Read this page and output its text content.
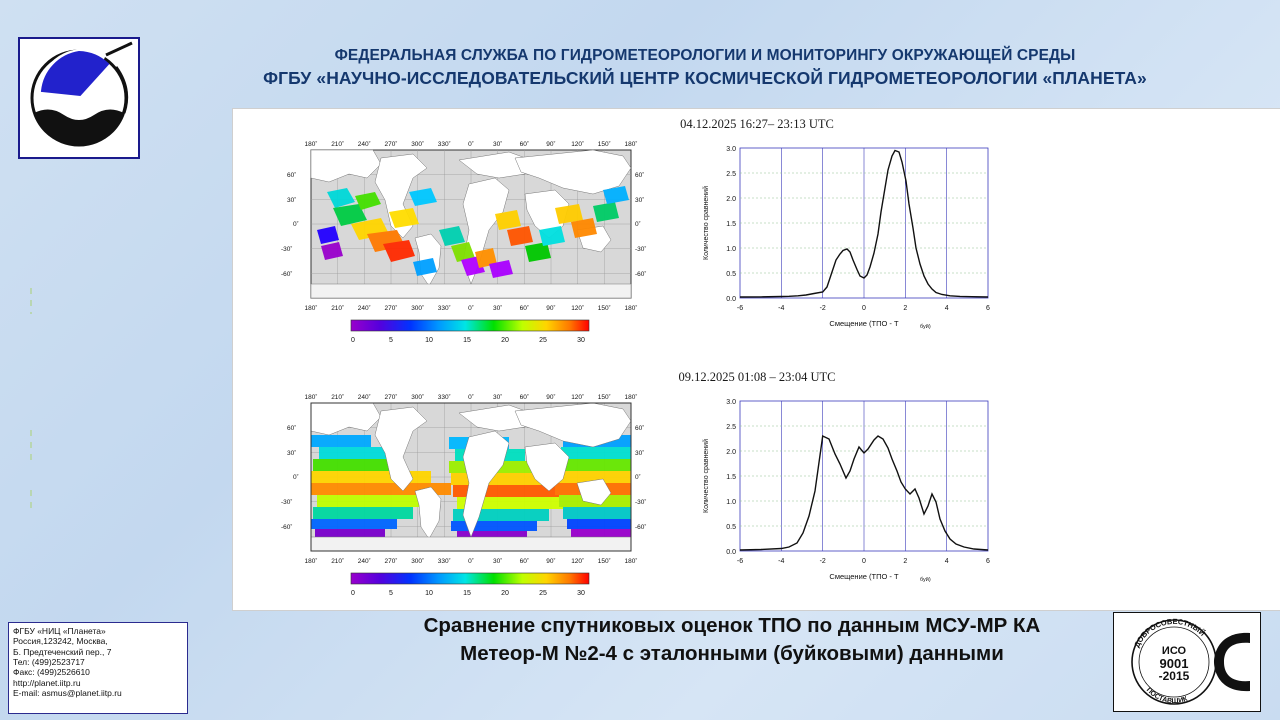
ФЕДЕРАЛЬНАЯ СЛУЖБА ПО ГИДРОМЕТЕОРОЛОГИИ И МОНИТОРИНГУ ОКРУЖАЮЩЕЙ СРЕДЫ
ФГБУ «НАУЧНО-ИССЛЕДОВАТЕЛЬСКИЙ ЦЕНТР КОСМИЧЕСКОЙ ГИДРОМЕТЕОРОЛОГИИ «ПЛАНЕТА»
04.12.2025 16:27– 23:13 UTC
180˚ 210˚ 240˚ 270˚ 300˚ 330˚	0˚	30˚	60˚	90˚ 120˚ 150˚ 180˚
180˚ 210˚ 240˚ 270˚ 300˚ 330˚	0˚	30˚	60˚	90˚ 120˚ 150˚ 180˚
60˚
30˚
0˚
-30˚
-60˚
60˚
30˚
0˚
-30˚
-60˚
0	5	10	15	20	25	30
-6	-4	-2	0	2	4	6
0.0
0.5
1.0
1.5
2.0
2.5
3.0
Смещение (ТПО - T	буй)
Количество сравнений
09.12.2025 01:08 – 23:04 UTC
180˚ 210˚ 240˚ 270˚ 300˚ 330˚	0˚	30˚	60˚	90˚ 120˚ 150˚ 180˚
180˚ 210˚ 240˚ 270˚ 300˚ 330˚	0˚	30˚	60˚	90˚ 120˚ 150˚ 180˚
60˚
30˚
0˚
-30˚
-60˚
60˚
30˚
0˚
-30˚
-60˚
0	5	10	15	20	25	30
-6	-4	-2	0	2	4	6
0.0
0.5
1.0
1.5
2.0
2.5
3.0
Смещение (ТПО - T	буй)
Количество сравнений
Сравнение спутниковых оценок ТПО по данным МСУ-МР КА
Метеор-М №2-4 с эталонными (буйковыми) данными
ФГБУ «НИЦ «Планета»
Россия,123242, Москва,
Б. Предтеченский пер., 7
Тел: (499)2523717
Факс: (499)2526610
http://planet.iitp.ru
E-mail: asmus@planet.iitp.ru
ДОБРОСОВЕСТНЫЙ
ПОСТАВЩИК
ИСО
9001
-2015
